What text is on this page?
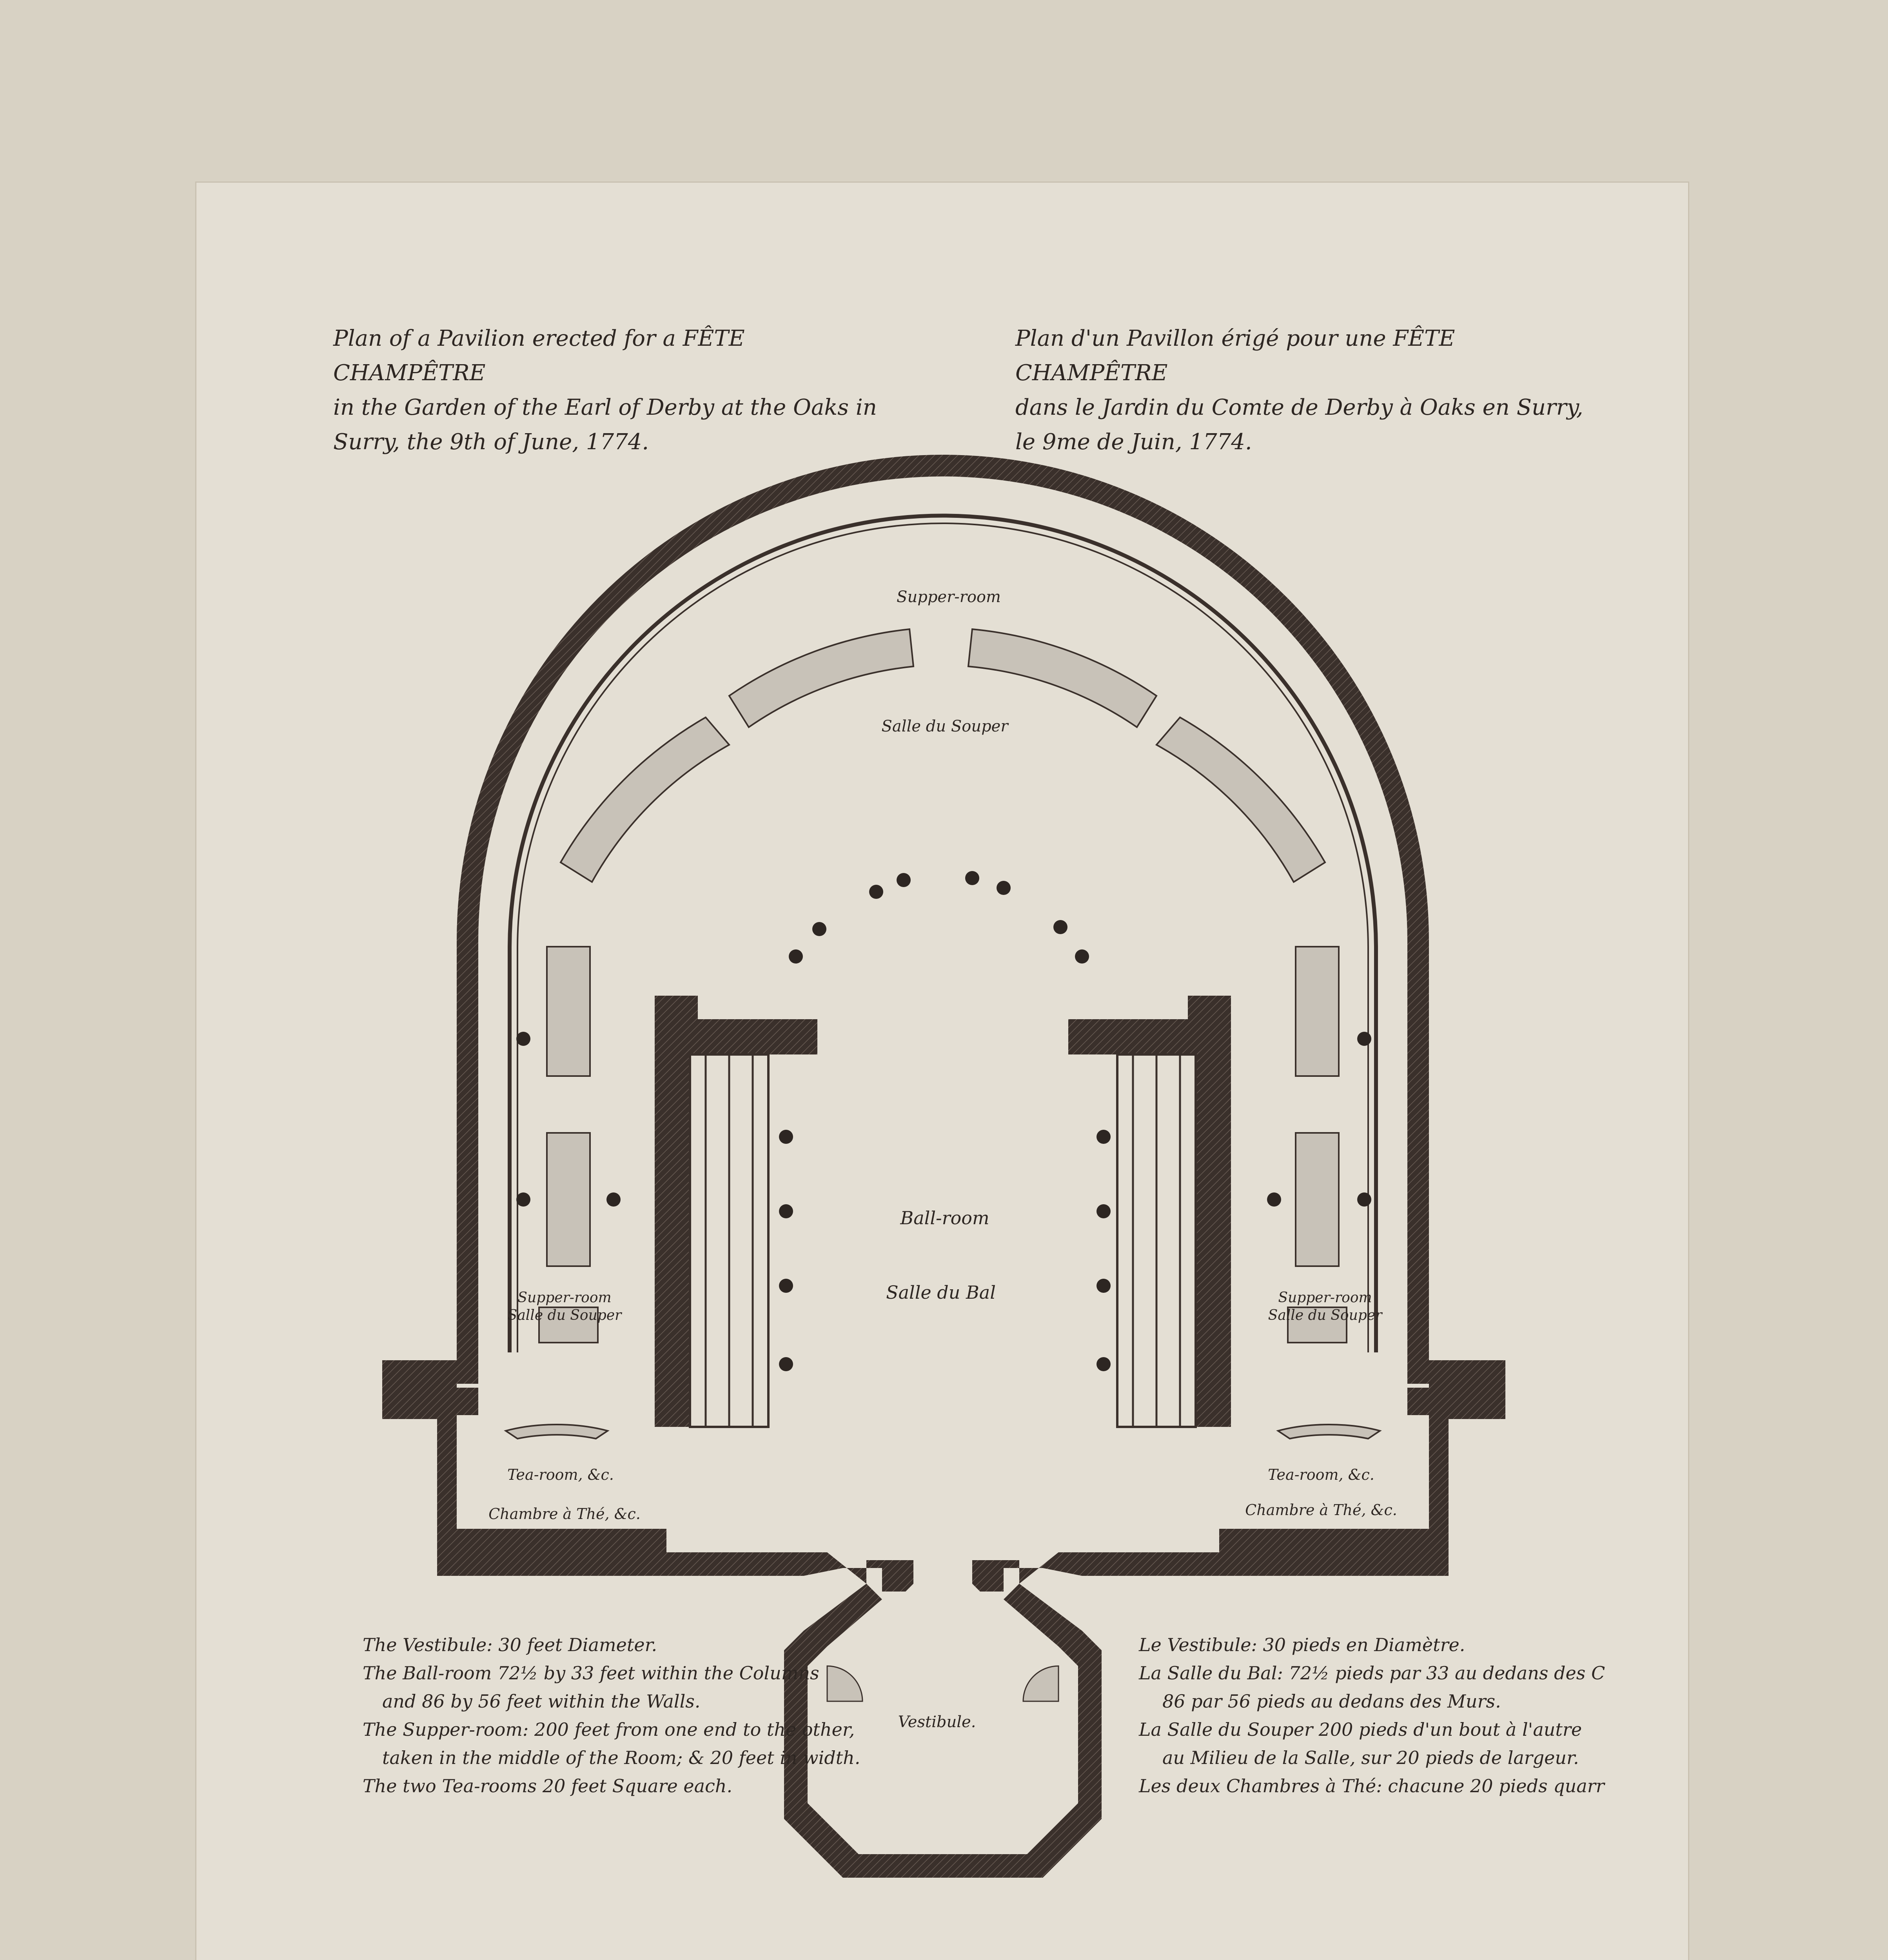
Plan of a Pavilion erected for a FÊTE CHAMPÊTRE
in the Garden of the Earl of Derby at the Oaks in
Surry, the 9th of June, 1774.
Plan d'un Pavillon érigé pour une FÊTE CHAMPÊTRE
dans le Jardin du Comte de Derby à Oaks en Surry,
le 9me de Juin, 1774.
Supper-room
Salle du Souper
Ball-room
Salle du Bal
Supper-room
Salle du Souper
Supper-room
Salle du Souper
Tea-room, &c.
Chambre à Thé, &c.
Tea-room, &c.
Chambre à Thé, &c.
Vestibule.
The Vestibule: 30 feet Diameter.
The Ball-room 72½ by 33 feet within the Columns
and 86 by 56 feet within the Walls.
The Supper-room: 200 feet from one end to the other,
taken in the middle of the Room; & 20 feet in width.
The two Tea-rooms 20 feet Square each.
Le Vestibule: 30 pieds en Diamètre.
La Salle du Bal: 72½ pieds par 33 au dedans des C
86 par 56 pieds au dedans des Murs.
La Salle du Souper 200 pieds d'un bout à l'autre
au Milieu de la Salle, sur 20 pieds de largeur.
Les deux Chambres à Thé: chacune 20 pieds quarr
